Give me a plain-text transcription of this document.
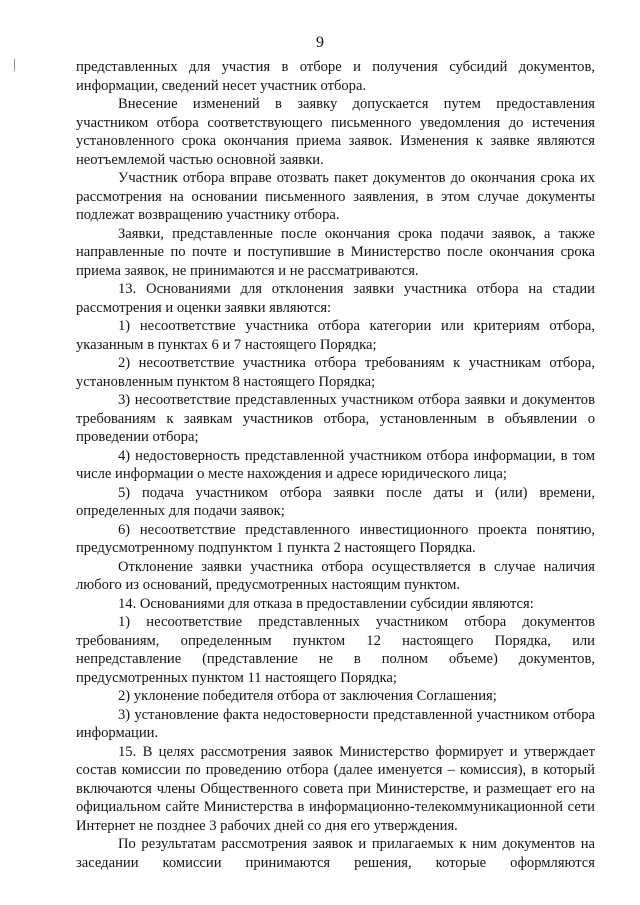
9

представленных для участия в отборе и получения субсидий документов, информации, сведений несет участник отбора.

Внесение изменений в заявку допускается путем предоставления участником отбора соответствующего письменного уведомления до истечения установленного срока окончания приема заявок. Изменения к заявке являются неотъемлемой частью основной заявки.

Участник отбора вправе отозвать пакет документов до окончания срока их рассмотрения на основании письменного заявления, в этом случае документы подлежат возвращению участнику отбора.

Заявки, представленные после окончания срока подачи заявок, а также направленные по почте и поступившие в Министерство после окончания срока приема заявок, не принимаются и не рассматриваются.

13. Основаниями для отклонения заявки участника отбора на стадии рассмотрения и оценки заявки являются:

1) несоответствие участника отбора категории или критериям отбора, указанным в пунктах 6 и 7 настоящего Порядка;

2) несоответствие участника отбора требованиям к участникам отбора, установленным пунктом 8 настоящего Порядка;

3) несоответствие представленных участником отбора заявки и документов требованиям к заявкам участников отбора, установленным в объявлении о проведении отбора;

4) недостоверность представленной участником отбора информации, в том числе информации о месте нахождения и адресе юридического лица;

5) подача участником отбора заявки после даты и (или) времени, определенных для подачи заявок;

6) несоответствие представленного инвестиционного проекта понятию, предусмотренному подпунктом 1 пункта 2 настоящего Порядка.

Отклонение заявки участника отбора осуществляется в случае наличия любого из оснований, предусмотренных настоящим пунктом.

14. Основаниями для отказа в предоставлении субсидии являются:

1) несоответствие представленных участником отбора документов требованиям, определенным пунктом 12 настоящего Порядка, или непредставление (представление не в полном объеме) документов, предусмотренных пунктом 11 настоящего Порядка;

2) уклонение победителя отбора от заключения Соглашения;

3) установление факта недостоверности представленной участником отбора информации.

15. В целях рассмотрения заявок Министерство формирует и утверждает состав комиссии по проведению отбора (далее именуется – комиссия), в который включаются члены Общественного совета при Министерстве, и размещает его на официальном сайте Министерства в информационно-телекоммуникационной сети Интернет не позднее 3 рабочих дней со дня его утверждения.

По результатам рассмотрения заявок и прилагаемых к ним документов на заседании комиссии принимаются решения, которые оформляются
